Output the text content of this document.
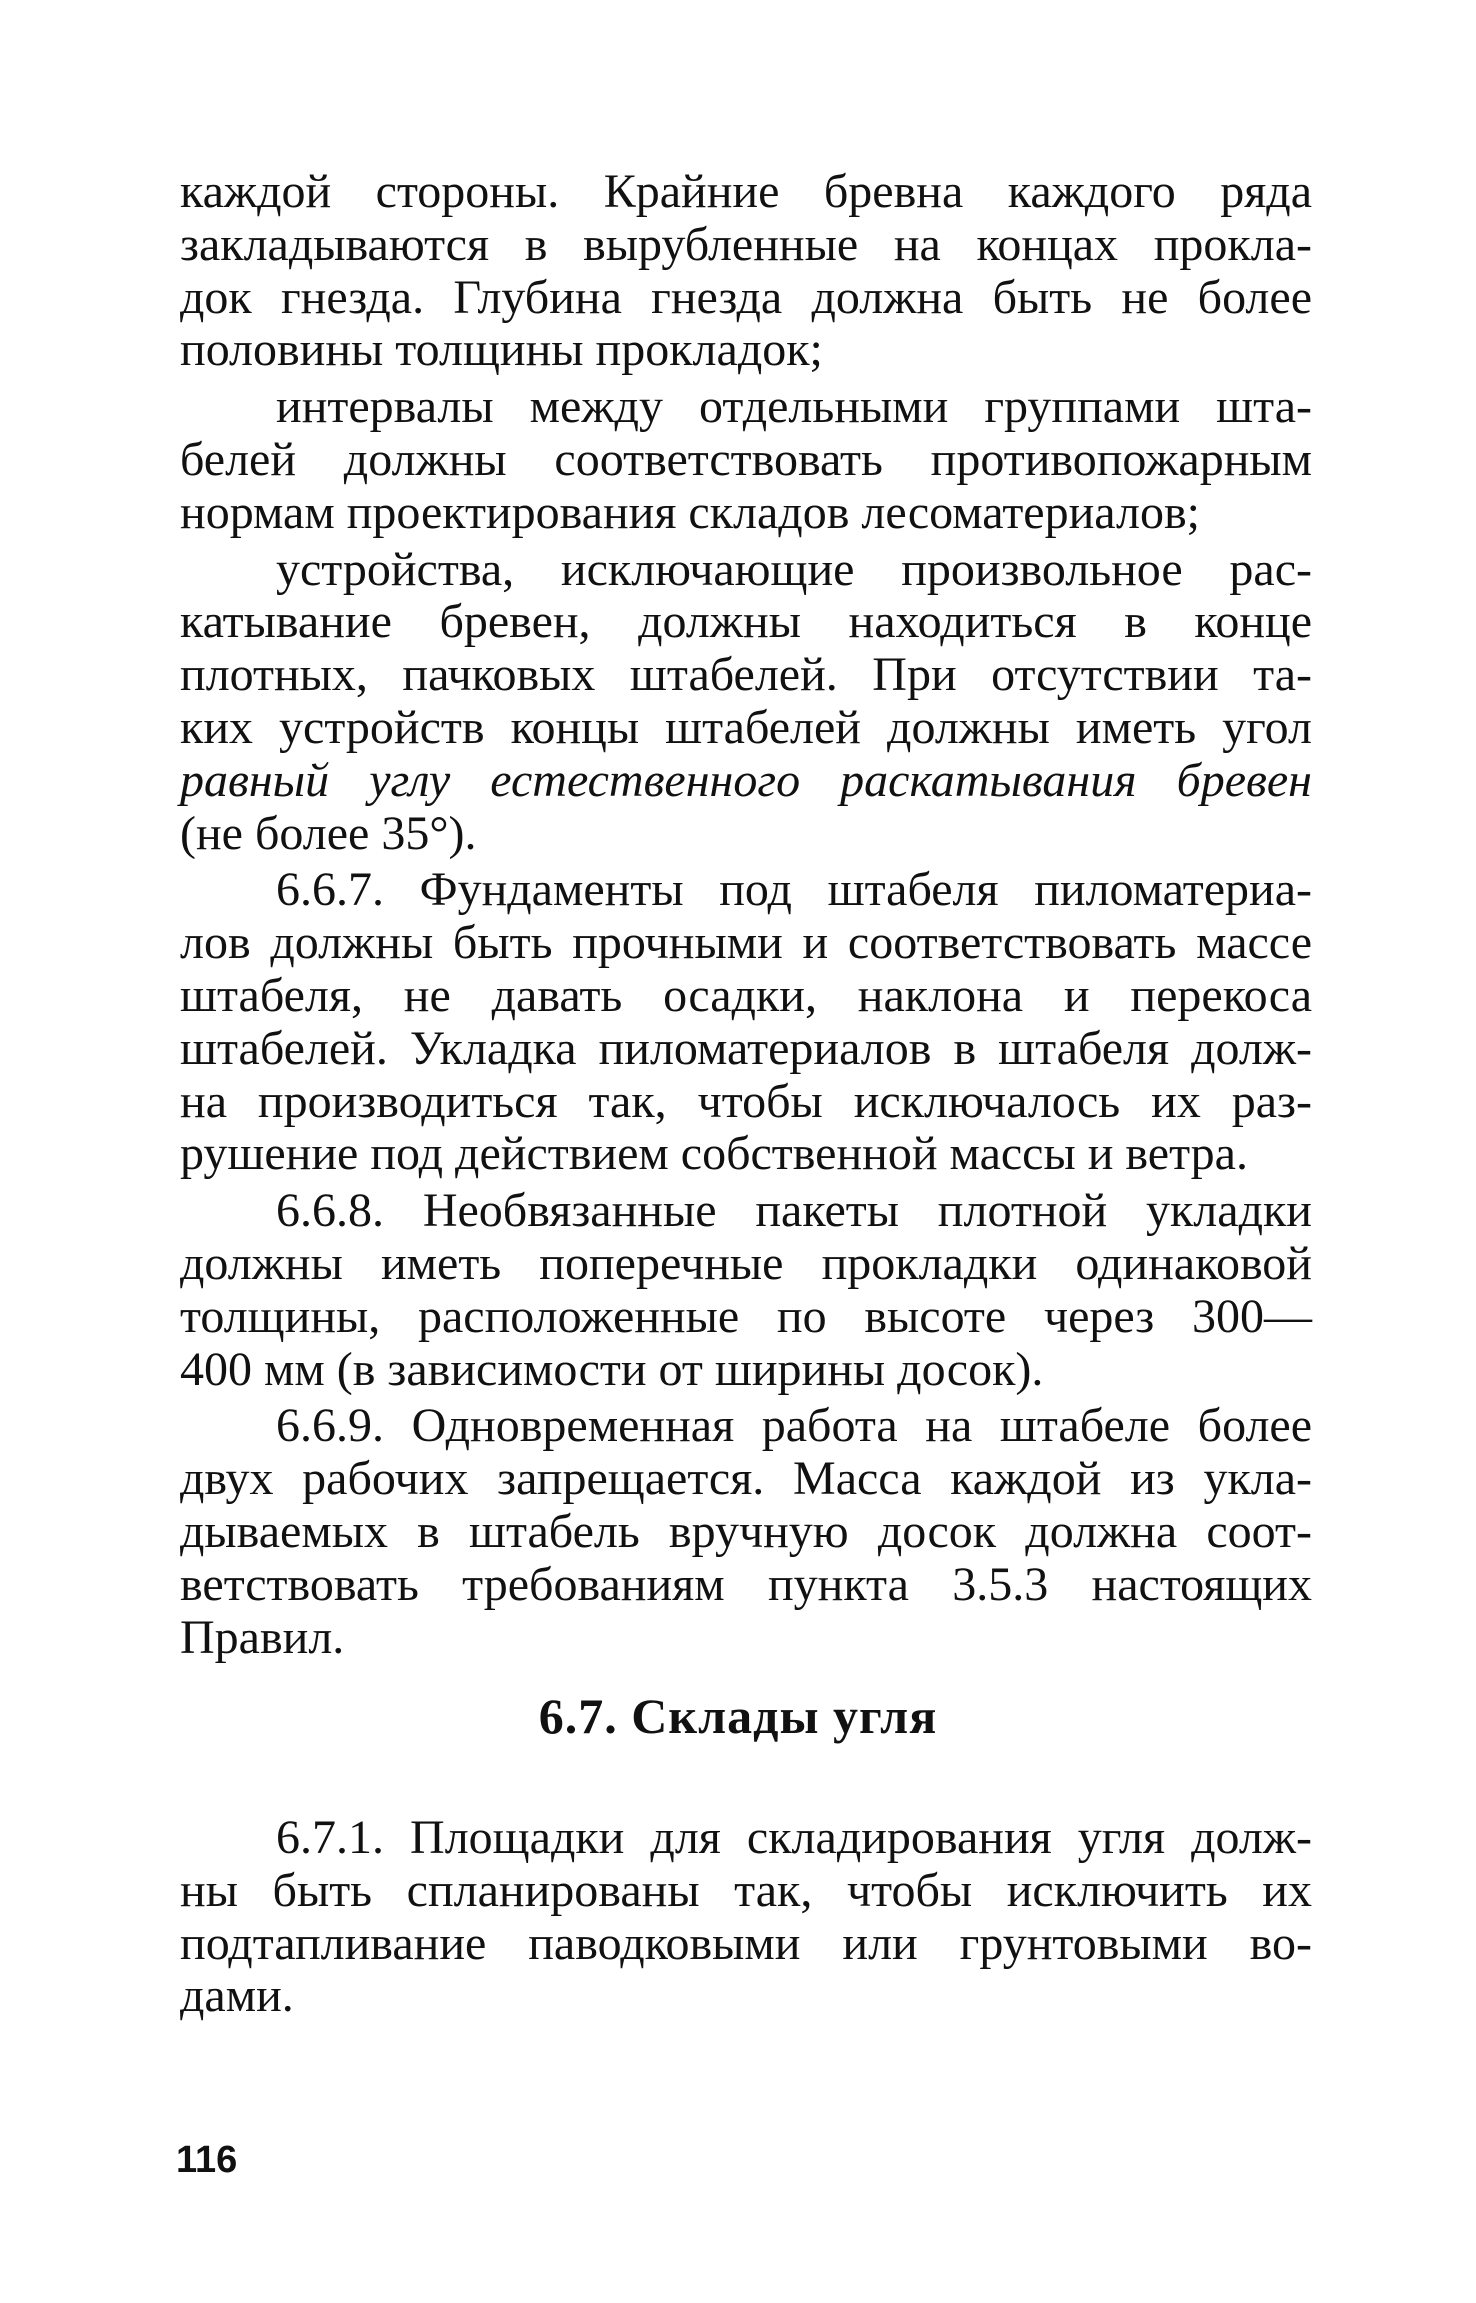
каждой стороны. Крайние бревна каждого ряда
закладываются в вырубленные на концах прокла-
док гнезда. Глубина гнезда должна быть не более
половины толщины прокладок;
интервалы между отдельными группами шта-
белей должны соответствовать противопожарным
нормам проектирования складов лесоматериалов;
устройства, исключающие произвольное рас-
катывание бревен, должны находиться в конце
плотных, пачковых штабелей. При отсутствии та-
ких устройств концы штабелей должны иметь угол
равный углу естественного раскатывания бревен
(не более 35°).
6.6.7. Фундаменты под штабеля пиломатериа-
лов должны быть прочными и соответствовать массе
штабеля, не давать осадки, наклона и перекоса
штабелей. Укладка пиломатериалов в штабеля долж-
на производиться так, чтобы исключалось их раз-
рушение под действием собственной массы и ветра.
6.6.8. Необвязанные пакеты плотной укладки
должны иметь поперечные прокладки одинаковой
толщины, расположенные по высоте через 300—
400 мм (в зависимости от ширины досок).
6.6.9. Одновременная работа на штабеле более
двух рабочих запрещается. Масса каждой из укла-
дываемых в штабель вручную досок должна соот-
ветствовать требованиям пункта 3.5.3 настоящих
Правил.
6.7. Склады угля
6.7.1. Площадки для складирования угля долж-
ны быть спланированы так, чтобы исключить их
подтапливание паводковыми или грунтовыми во-
дами.
116
